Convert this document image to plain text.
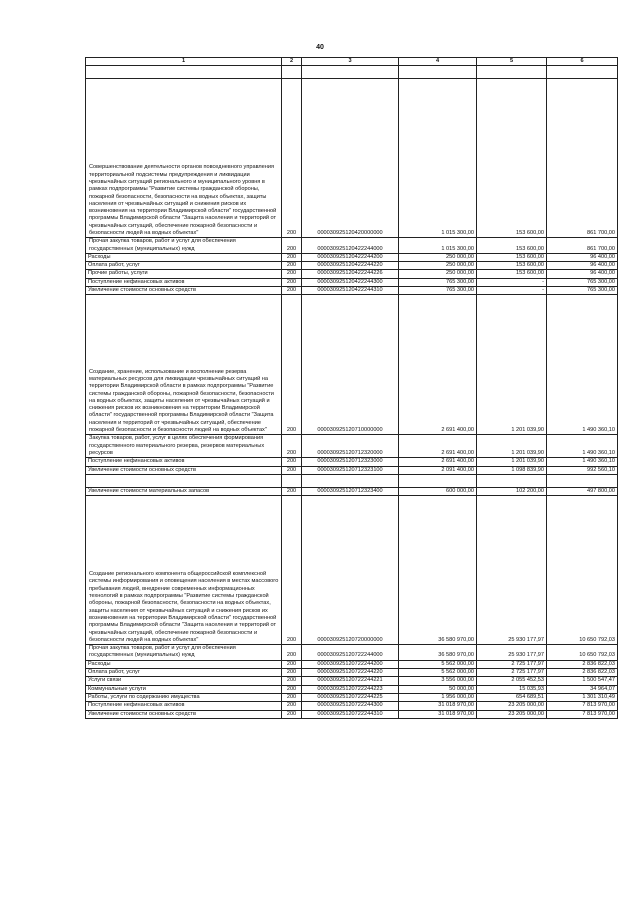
40
1	2	3	4	5	6

Совершенствование деятельности органов повседневного управления территориальной подсистемы предупреждения и ликвидации чрезвычайных ситуаций регионального и муниципального уровня в рамках подпрограммы "Развитие системы гражданской обороны, пожарной безопасности, безопасности на водных объектах, защиты населения от чрезвычайных ситуаций и снижения рисков их возникновения на территории Владимирской области" государственной программы Владимирской области "Защита населения и территорий от чрезвычайных ситуаций, обеспечение пожарной безопасности и безопасности людей на водных объектах"	200	000030925120420000000	1 015 300,00	153 600,00	861 700,00
Прочая закупка товаров, работ и услуг для обеспечения государственных (муниципальных) нужд	200	000030925120422244000	1 015 300,00	153 600,00	861 700,00
Расходы	200	000030925120422244200	250 000,00	153 600,00	96 400,00
Оплата работ, услуг	200	000030925120422244220	250 000,00	153 600,00	96 400,00
Прочие работы, услуги	200	000030925120422244226	250 000,00	153 600,00	96 400,00
Поступление нефинансовых активов	200	000030925120422244300	765 300,00	-	765 300,00
Увеличение стоимости основных средств	200	000030925120422244310	765 300,00	-	765 300,00
Создание, хранение, использование и восполнение резерва материальных ресурсов для ликвидации чрезвычайных ситуаций на территории Владимирской области в рамках подпрограммы "Развитие системы гражданской обороны, пожарной безопасности, безопасности на водных объектах, защиты населения от чрезвычайных ситуаций и снижения рисков их возникновения на территории Владимирской области" государственной программы Владимирской области "Защита населения и территорий от чрезвычайных ситуаций, обеспечение пожарной безопасности и безопасности людей на водных объектах"	200	000030925120710000000	2 691 400,00	1 201 039,90	1 490 360,10
Закупка товаров, работ, услуг в целях обеспечения формирования государственного материального резерва, резервов материальных ресурсов	200	000030925120712320000	2 691 400,00	1 201 039,90	1 490 360,10
Поступление нефинансовых активов	200	000030925120712323000	2 691 400,00	1 201 039,90	1 490 360,10
Увеличение стоимости основных средств	200	000030925120712323100	2 091 400,00	1 098 839,90	992 560,10

Увеличение стоимости материальных запасов	200	000030925120712323400	600 000,00	102 200,00	497 800,00
Создание регионального компонента общероссийской комплексной системы информирования и оповещения населения в местах массового пребывания людей, внедрение современных информационных технологий в рамках подпрограммы "Развитие системы гражданской обороны, пожарной безопасности, безопасности на водных объектах, защиты населения от чрезвычайных ситуаций и снижения рисков их возникновения на территории Владимирской области" государственной программы Владимирской области "Защита населения и территорий от чрезвычайных ситуаций, обеспечение пожарной безопасности и безопасности людей на водных объектах"	200	000030925120720000000	36 580 970,00	25 930 177,97	10 650 792,03
Прочая закупка товаров, работ и услуг для обеспечения государственных (муниципальных) нужд	200	000030925120722244000	36 580 970,00	25 930 177,97	10 650 792,03
Расходы	200	000030925120722244200	5 562 000,00	2 725 177,97	2 836 822,03
Оплата работ, услуг	200	000030925120722244220	5 562 000,00	2 725 177,97	2 836 822,03
Услуги связи	200	000030925120722244221	3 556 000,00	2 055 452,53	1 500 547,47
Коммунальные услуги	200	000030925120722244223	50 000,00	15 035,93	34 964,07
Работы, услуги по содержанию имущества	200	000030925120722244225	1 956 000,00	654 689,51	1 301 310,49
Поступление нефинансовых активов	200	000030925120722244300	31 018 970,00	23 205 000,00	7 813 970,00
Увеличение стоимости основных средств	200	000030925120722244310	31 018 970,00	23 205 000,00	7 813 970,00
